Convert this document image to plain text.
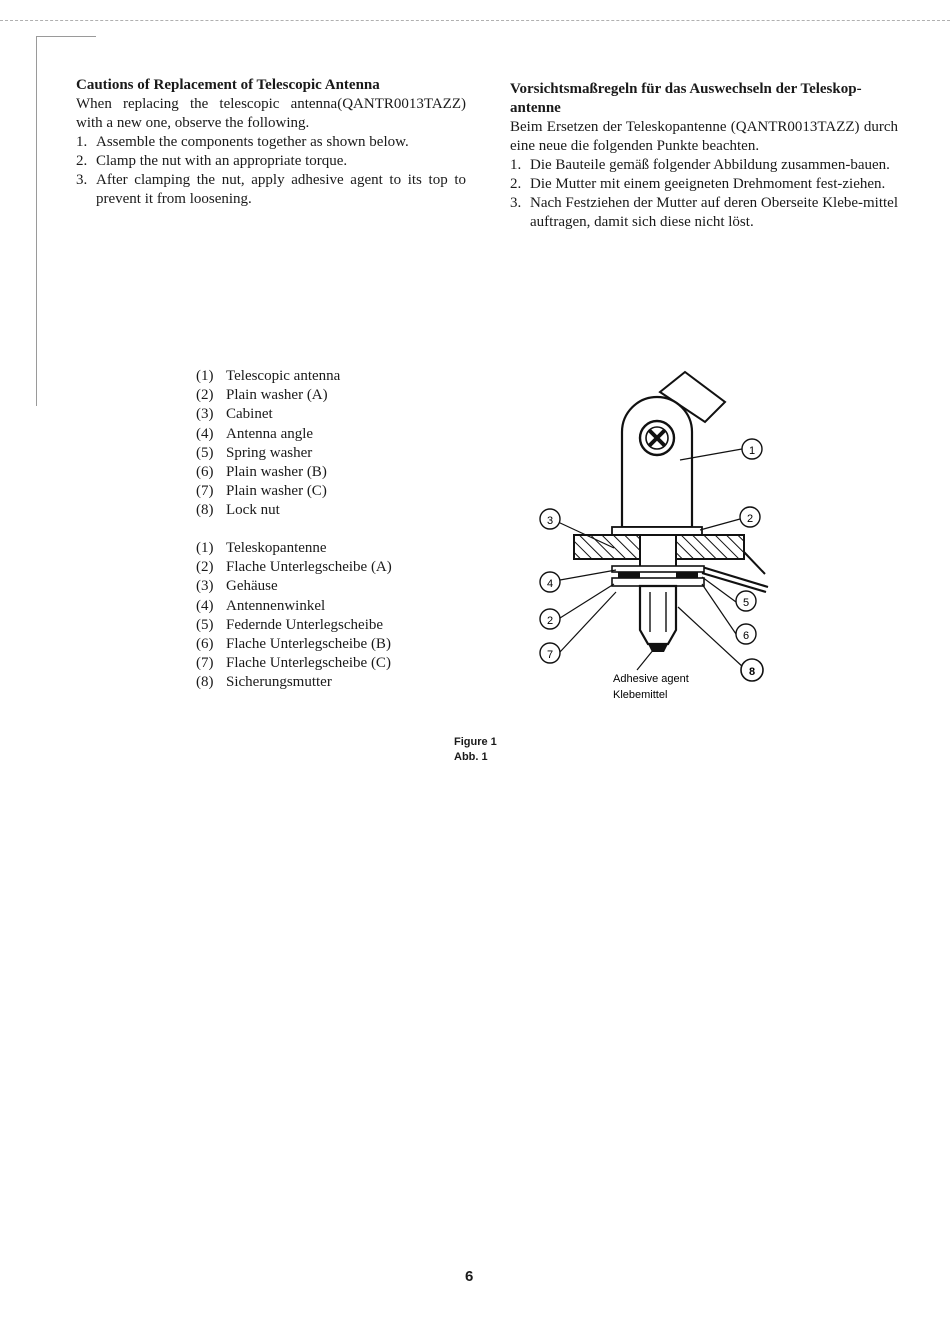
Cautions of Replacement of Telescopic Antenna
When replacing the telescopic antenna(QANTR0013TAZZ) with a new one, observe the following.
1. Assemble the components together as shown below.
2. Clamp the nut with an appropriate torque.
3. After clamping the nut, apply adhesive agent to its top to prevent it from loosening.
Vorsichtsmaßregeln für das Auswechseln der Teleskop-antenne
Beim Ersetzen der Teleskopantenne (QANTR0013TAZZ) durch eine neue die folgenden Punkte beachten.
1. Die Bauteile gemäß folgender Abbildung zusammen-bauen.
2. Die Mutter mit einem geeigneten Drehmoment fest-ziehen.
3. Nach Festziehen der Mutter auf deren Oberseite Klebe-mittel auftragen, damit sich diese nicht löst.
(1) Telescopic antenna
(2) Plain washer (A)
(3) Cabinet
(4) Antenna angle
(5) Spring washer
(6) Plain washer (B)
(7) Plain washer (C)
(8) Lock nut
(1) Teleskopantenne
(2) Flache Unterlegscheibe (A)
(3) Gehäuse
(4) Antennenwinkel
(5) Federnde Unterlegscheibe
(6) Flache Unterlegscheibe (B)
(7) Flache Unterlegscheibe (C)
(8) Sicherungsmutter
1
2
3
4
2
7
5
6
8
Adhesive agent
Klebemittel
Figure 1
Abb. 1
6
